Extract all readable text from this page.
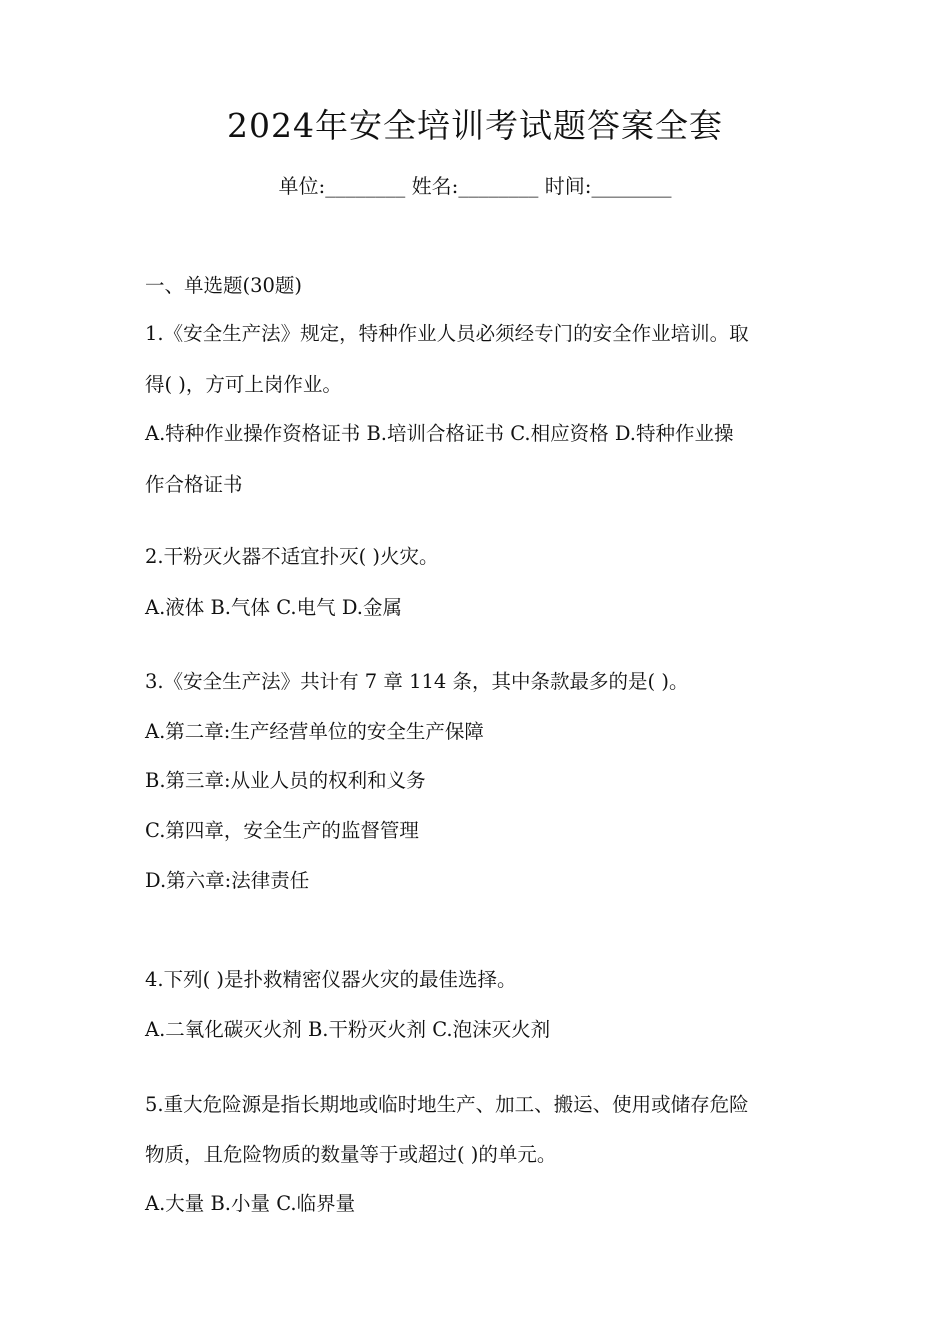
2024年安全培训考试题答案全套
单位:________ 姓名:________ 时间:________
一、单选题(30题)
1.《安全生产法》规定，特种作业人员必须经专门的安全作业培训。取
得( )，方可上岗作业。
A.特种作业操作资格证书 B.培训合格证书 C.相应资格 D.特种作业操
作合格证书
2.干粉灭火器不适宜扑灭( )火灾。
A.液体 B.气体 C.电气 D.金属
3.《安全生产法》共计有 7 章 114 条，其中条款最多的是( )。
A.第二章:生产经营单位的安全生产保障
B.第三章:从业人员的权利和义务
C.第四章，安全生产的监督管理
D.第六章:法律责任
4.下列( )是扑救精密仪器火灾的最佳选择。
A.二氧化碳灭火剂 B.干粉灭火剂 C.泡沫灭火剂
5.重大危险源是指长期地或临时地生产、加工、搬运、使用或储存危险
物质，且危险物质的数量等于或超过( )的单元。
A.大量 B.小量 C.临界量
